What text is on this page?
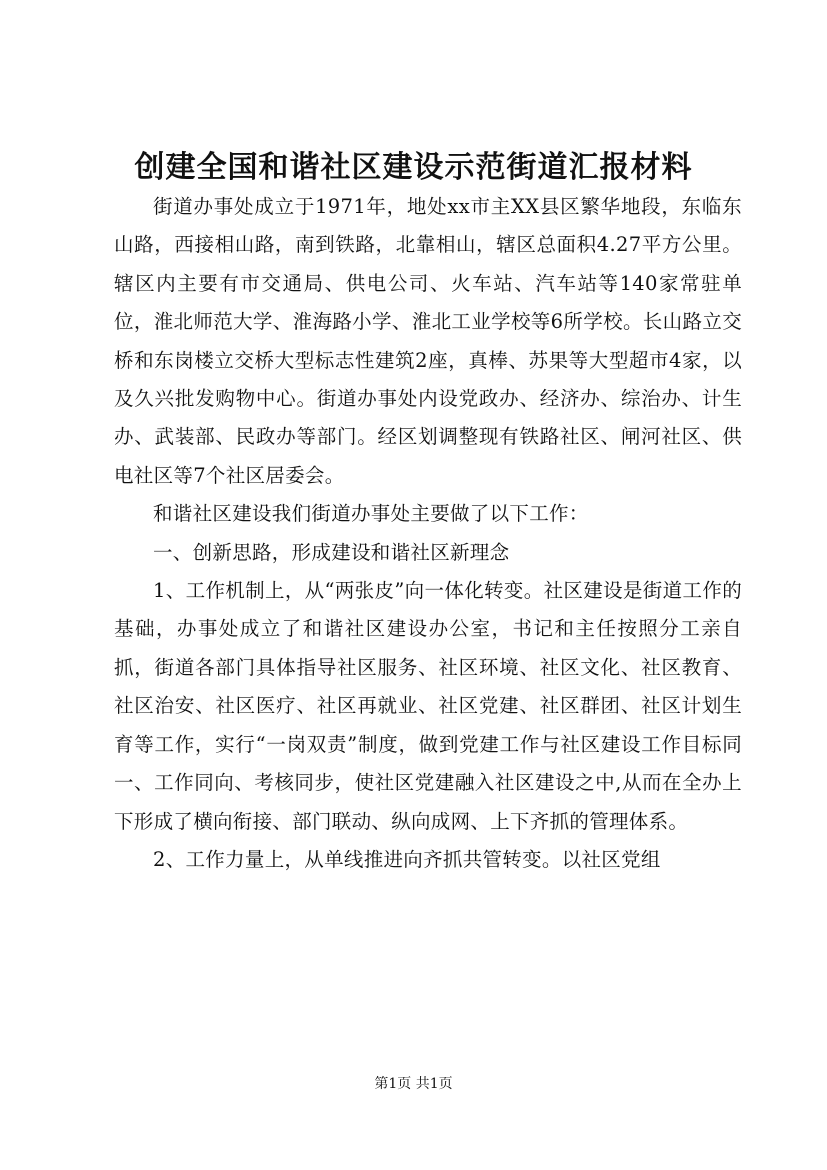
创建全国和谐社区建设示范街道汇报材料

街道办事处成立于1971年，地处xx市主XX县区繁华地段，东临东山路，西接相山路，南到铁路，北靠相山，辖区总面积4.27平方公里。辖区内主要有市交通局、供电公司、火车站、汽车站等140家常驻单位，淮北师范大学、淮海路小学、淮北工业学校等6所学校。长山路立交桥和东岗楼立交桥大型标志性建筑2座，真棒、苏果等大型超市4家，以及久兴批发购物中心。街道办事处内设党政办、经济办、综治办、计生办、武装部、民政办等部门。经区划调整现有铁路社区、闸河社区、供电社区等7个社区居委会。

和谐社区建设我们街道办事处主要做了以下工作：

一、创新思路，形成建设和谐社区新理念

1、工作机制上，从“两张皮”向一体化转变。社区建设是街道工作的基础，办事处成立了和谐社区建设办公室，书记和主任按照分工亲自抓，街道各部门具体指导社区服务、社区环境、社区文化、社区教育、社区治安、社区医疗、社区再就业、社区党建、社区群团、社区计划生育等工作，实行“一岗双责”制度，做到党建工作与社区建设工作目标同一、工作同向、考核同步，使社区党建融入社区建设之中,从而在全办上下形成了横向衔接、部门联动、纵向成网、上下齐抓的管理体系。

2、工作力量上，从单线推进向齐抓共管转变。以社区党组

第1页 共1页
